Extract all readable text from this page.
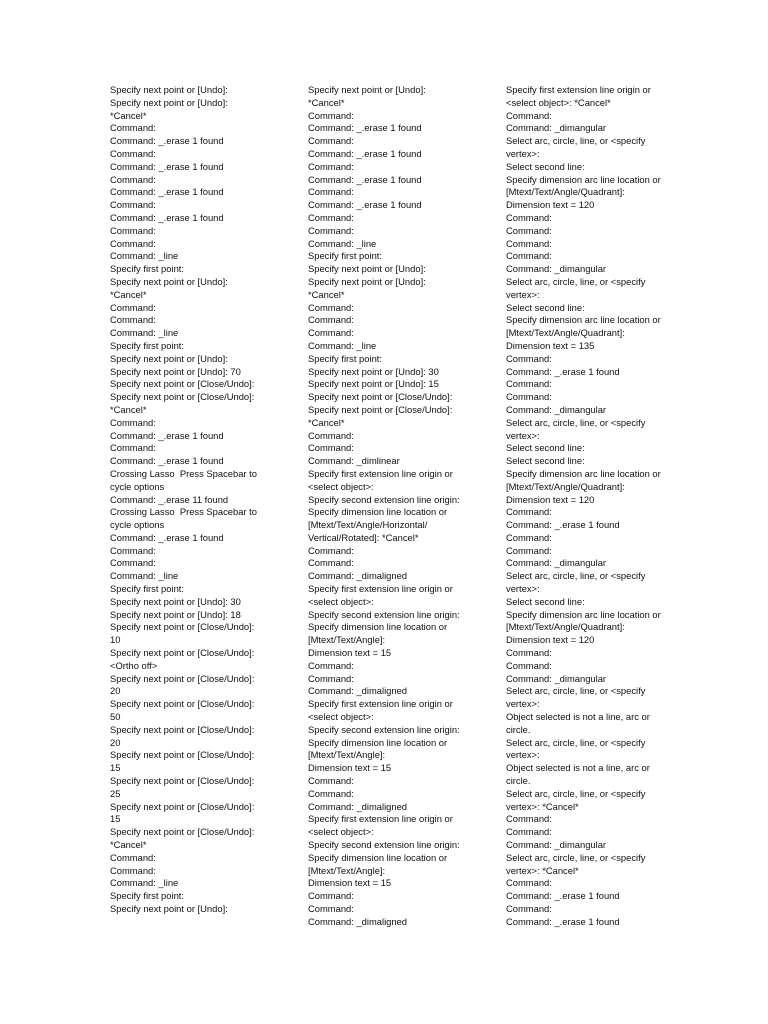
Specify next point or [Undo]:
Specify next point or [Undo]:
*Cancel*
Command:
Command: _.erase 1 found
Command:
Command: _.erase 1 found
Command:
Command: _.erase 1 found
Command:
Command: _.erase 1 found
Command:
Command:
Command: _line
Specify first point:
Specify next point or [Undo]:
*Cancel*
Command:
Command:
Command: _line
Specify first point:
Specify next point or [Undo]:
Specify next point or [Undo]: 70
Specify next point or [Close/Undo]:
Specify next point or [Close/Undo]:
*Cancel*
Command:
Command: _.erase 1 found
Command:
Command: _.erase 1 found
Crossing Lasso  Press Spacebar to cycle options
Command: _.erase 11 found
Crossing Lasso  Press Spacebar to cycle options
Command: _.erase 1 found
Command:
Command:
Command: _line
Specify first point:
Specify next point or [Undo]: 30
Specify next point or [Undo]: 18
Specify next point or [Close/Undo]: 10
Specify next point or [Close/Undo]: <Ortho off>
Specify next point or [Close/Undo]: 20
Specify next point or [Close/Undo]: 50
Specify next point or [Close/Undo]: 20
Specify next point or [Close/Undo]: 15
Specify next point or [Close/Undo]: 25
Specify next point or [Close/Undo]: 15
Specify next point or [Close/Undo]:
*Cancel*
Command:
Command:
Command: _line
Specify first point:
Specify next point or [Undo]:
Specify next point or [Undo]:
*Cancel*
Command:
Command: _.erase 1 found
Command:
Command: _.erase 1 found
Command:
Command: _.erase 1 found
Command:
Command: _.erase 1 found
Command:
Command:
Command: _line
Specify first point:
Specify next point or [Undo]:
Specify next point or [Undo]:
*Cancel*
Command:
Command:
Command:
Command: _line
Specify first point:
Specify next point or [Undo]: 30
Specify next point or [Undo]: 15
Specify next point or [Close/Undo]:
Specify next point or [Close/Undo]:
*Cancel*
Command:
Command:
Command: _dimlinear
Specify first extension line origin or <select object>:
Specify second extension line origin:
Specify dimension line location or [Mtext/Text/Angle/Horizontal/ Vertical/Rotated]: *Cancel*
Command:
Command:
Command: _dimaligned
Specify first extension line origin or <select object>:
Specify second extension line origin:
Specify dimension line location or [Mtext/Text/Angle]:
Dimension text = 15
Command:
Command:
Command: _dimaligned
Specify first extension line origin or <select object>:
Specify second extension line origin:
Specify dimension line location or [Mtext/Text/Angle]:
Dimension text = 15
Command:
Command:
Command: _dimaligned
Specify first extension line origin or <select object>:
Specify second extension line origin:
Specify dimension line location or [Mtext/Text/Angle]:
Dimension text = 15
Command:
Command:
Command: _dimaligned
Specify first extension line origin or <select object>: *Cancel*
Command:
Command: _dimangular
Select arc, circle, line, or <specify vertex>:
Select second line:
Specify dimension arc line location or [Mtext/Text/Angle/Quadrant]:
Dimension text = 120
Command:
Command:
Command:
Command:
Command: _dimangular
Select arc, circle, line, or <specify vertex>:
Select second line:
Specify dimension arc line location or [Mtext/Text/Angle/Quadrant]:
Dimension text = 135
Command:
Command: _.erase 1 found
Command:
Command:
Command: _dimangular
Select arc, circle, line, or <specify vertex>:
Select second line:
Select second line:
Specify dimension arc line location or [Mtext/Text/Angle/Quadrant]:
Dimension text = 120
Command:
Command: _.erase 1 found
Command:
Command:
Command: _dimangular
Select arc, circle, line, or <specify vertex>:
Select second line:
Specify dimension arc line location or [Mtext/Text/Angle/Quadrant]:
Dimension text = 120
Command:
Command:
Command: _dimangular
Select arc, circle, line, or <specify vertex>:
Object selected is not a line, arc or circle.
Select arc, circle, line, or <specify vertex>:
Object selected is not a line, arc or circle.
Select arc, circle, line, or <specify vertex>: *Cancel*
Command:
Command:
Command: _dimangular
Select arc, circle, line, or <specify vertex>: *Cancel*
Command:
Command: _.erase 1 found
Command:
Command: _.erase 1 found
